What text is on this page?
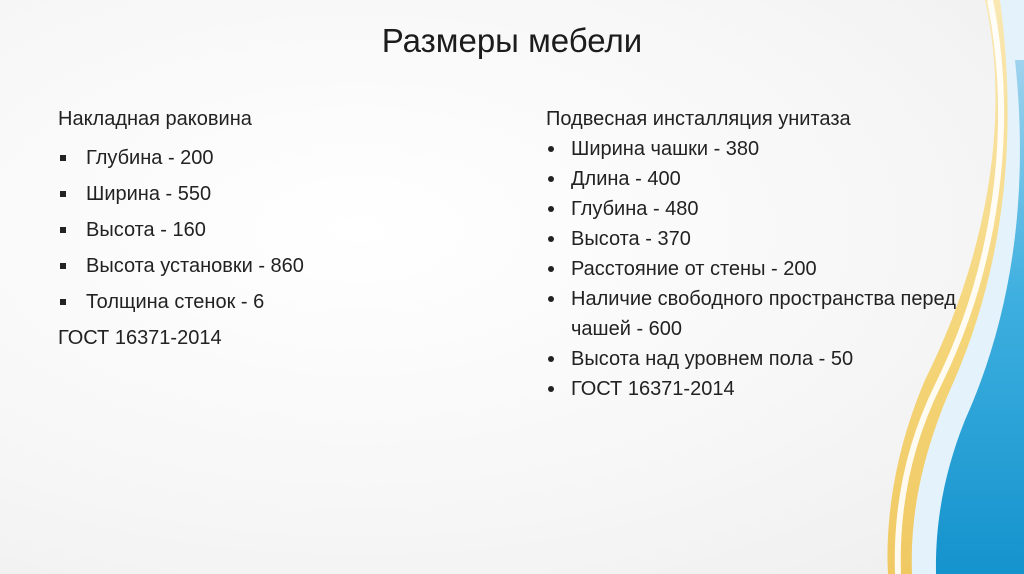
Размеры мебели

Накладная раковина

Глубина - 200
Ширина - 550
Высота - 160
Высота установки - 860
Толщина стенок - 6
ГОСТ 16371-2014

Подвесная инсталляция унитаза

Ширина чашки - 380
Длина - 400
Глубина - 480
Высота - 370
Расстояние от стены - 200
Наличие свободного пространства перед чашей - 600
Высота над уровнем пола - 50
ГОСТ 16371-2014
